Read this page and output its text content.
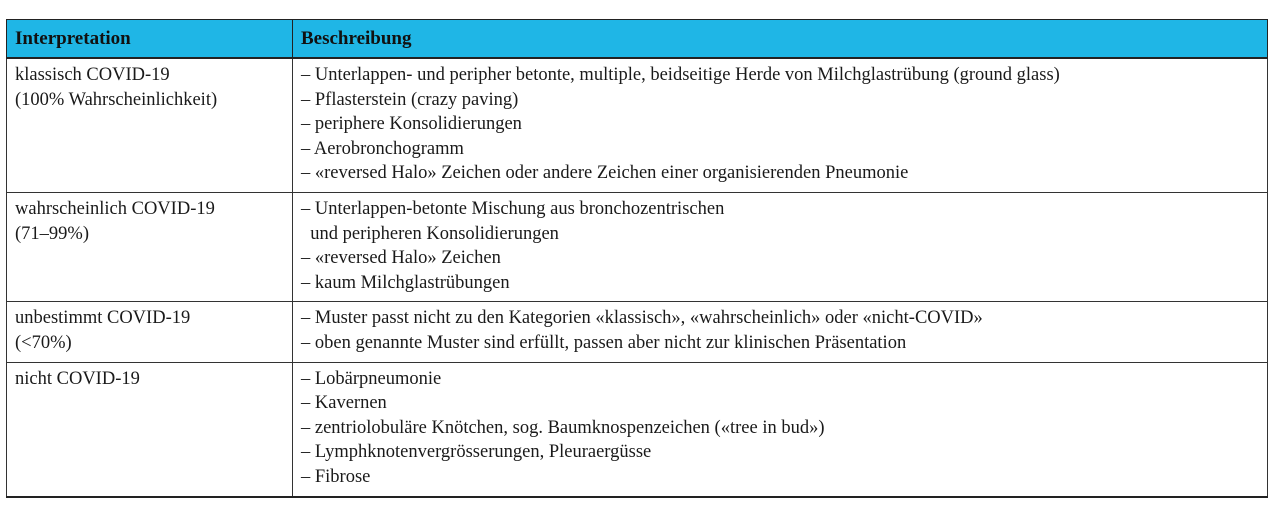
Interpretation	Beschreibung

klassisch COVID-19
(100% Wahrscheinlichkeit)	– Unterlappen- und peripher betonte, multiple, beidseitige Herde von Milchglastrübung (ground glass)
– Pflasterstein (crazy paving)
– periphere Konsolidierungen
– Aerobronchogramm
– «reversed Halo» Zeichen oder andere Zeichen einer organisierenden Pneumonie

wahrscheinlich COVID-19
(71–99%)	– Unterlappen-betonte Mischung aus bronchozentrischen
und peripheren Konsolidierungen
– «reversed Halo» Zeichen
– kaum Milchglastrübungen

unbestimmt COVID-19
(<70%)	– Muster passt nicht zu den Kategorien «klassisch», «wahrscheinlich» oder «nicht-COVID»
– oben genannte Muster sind erfüllt, passen aber nicht zur klinischen Präsentation

nicht COVID-19	– Lobärpneumonie
– Kavernen
– zentriolobuläre Knötchen, sog. Baumknospenzeichen («tree in bud»)
– Lymphknotenvergrösserungen, Pleuraergüsse
– Fibrose
